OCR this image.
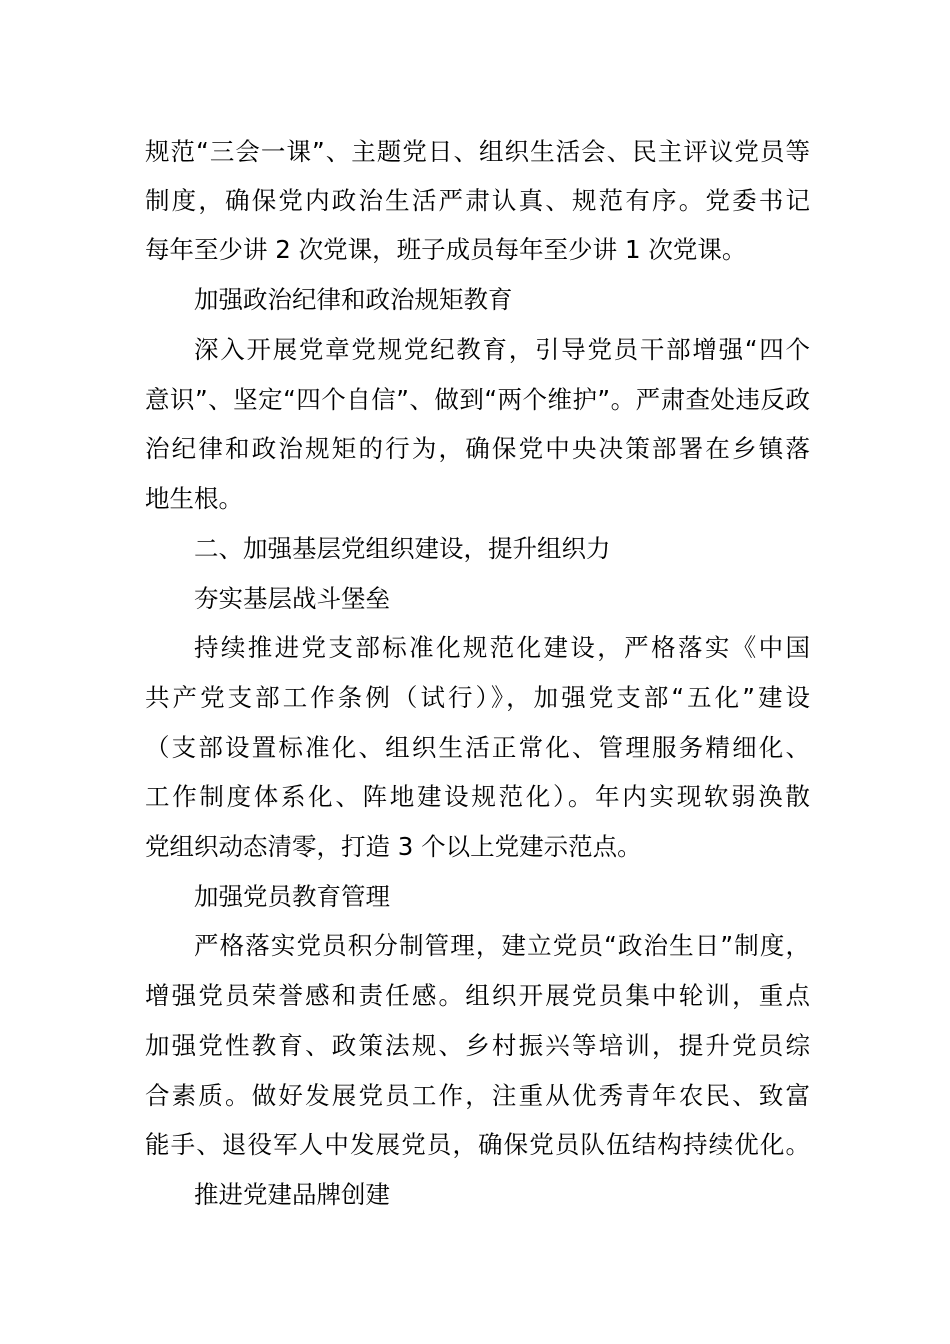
规范“三会一课”、主题党日、组织生活会、民主评议党员等
制度，确保党内政治生活严肃认真、规范有序。党委书记
每年至少讲 2 次党课，班子成员每年至少讲 1 次党课。
加强政治纪律和政治规矩教育
深入开展党章党规党纪教育，引导党员干部增强“四个
意识”、坚定“四个自信”、做到“两个维护”。严肃查处违反政
治纪律和政治规矩的行为，确保党中央决策部署在乡镇落
地生根。
二、加强基层党组织建设，提升组织力
夯实基层战斗堡垒
持续推进党支部标准化规范化建设，严格落实《中国
共产党支部工作条例（试行）》，加强党支部“五化”建设
（支部设置标准化、组织生活正常化、管理服务精细化、
工作制度体系化、阵地建设规范化）。年内实现软弱涣散
党组织动态清零，打造 3 个以上党建示范点。
加强党员教育管理
严格落实党员积分制管理，建立党员“政治生日”制度，
增强党员荣誉感和责任感。组织开展党员集中轮训，重点
加强党性教育、政策法规、乡村振兴等培训，提升党员综
合素质。做好发展党员工作，注重从优秀青年农民、致富
能手、退役军人中发展党员，确保党员队伍结构持续优化。
推进党建品牌创建
